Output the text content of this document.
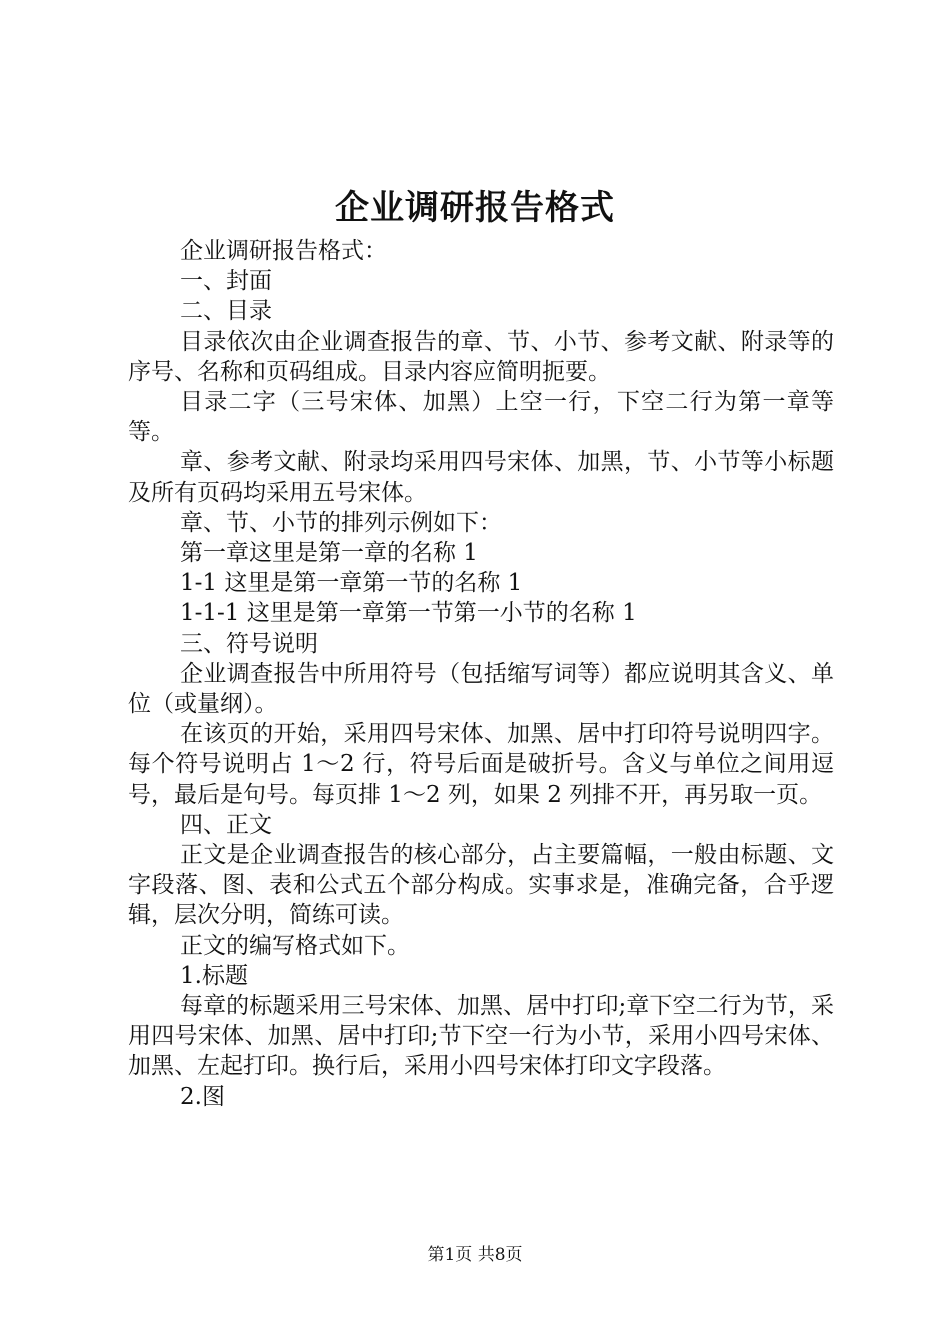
企业调研报告格式

企业调研报告格式：

一、封面

二、目录

目录依次由企业调查报告的章、节、小节、参考文献、附录等的序号、名称和页码组成。目录内容应简明扼要。

目录二字（三号宋体、加黑）上空一行，下空二行为第一章等等。

章、参考文献、附录均采用四号宋体、加黑，节、小节等小标题及所有页码均采用五号宋体。

章、节、小节的排列示例如下：

第一章这里是第一章的名称 1

1-1 这里是第一章第一节的名称 1

1-1-1 这里是第一章第一节第一小节的名称 1

三、符号说明

企业调查报告中所用符号（包括缩写词等）都应说明其含义、单位（或量纲）。

在该页的开始，采用四号宋体、加黑、居中打印符号说明四字。每个符号说明占 1～2 行，符号后面是破折号。含义与单位之间用逗号，最后是句号。每页排 1～2 列，如果 2 列排不开，再另取一页。

四、正文

正文是企业调查报告的核心部分，占主要篇幅，一般由标题、文字段落、图、表和公式五个部分构成。实事求是，准确完备，合乎逻辑，层次分明，简练可读。

正文的编写格式如下。

1.标题

每章的标题采用三号宋体、加黑、居中打印;章下空二行为节，采用四号宋体、加黑、居中打印;节下空一行为小节，采用小四号宋体、加黑、左起打印。换行后，采用小四号宋体打印文字段落。

2.图

第1页 共8页
